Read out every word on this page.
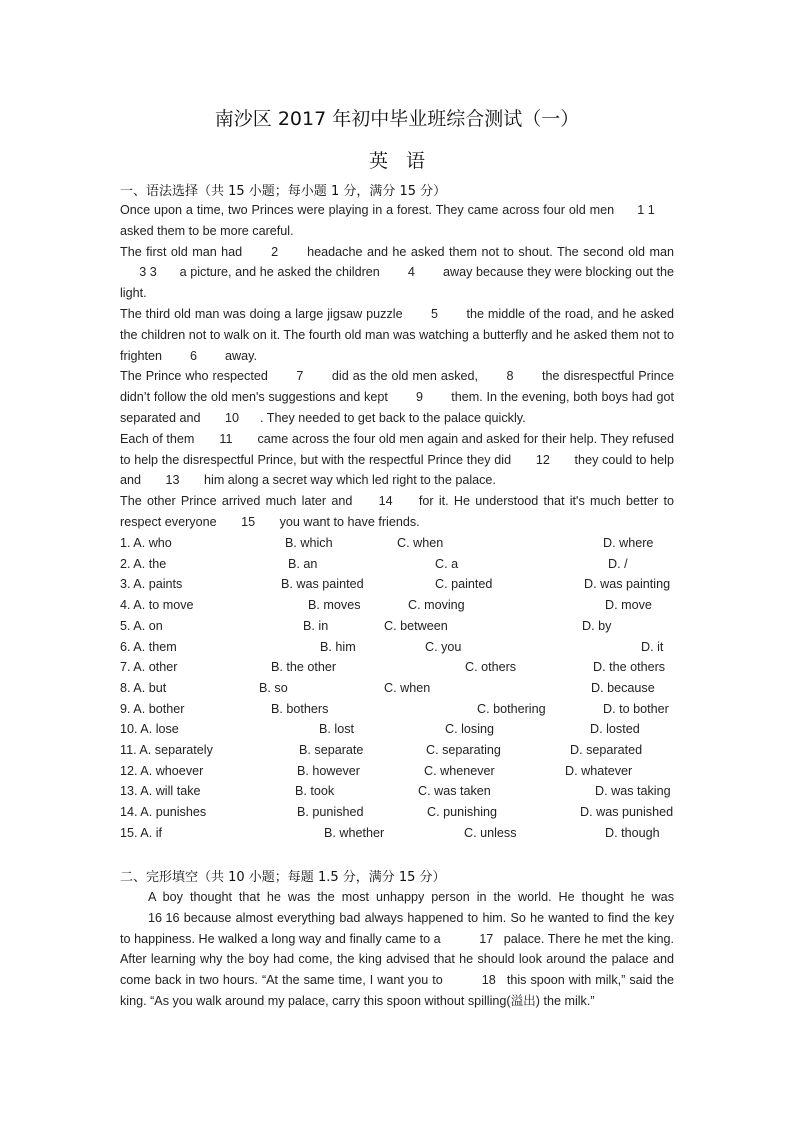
南沙区 2017 年初中毕业班综合测试（一）
英语
一、语法选择（共 15 小题；每小题 1 分，满分 15 分）

Once upon a time, two Princes were playing in a forest. They came across four old men 1 1 asked them to be more careful.

The first old man had 2 headache and he asked them not to shout. The second old man 3 3 a picture, and he asked the children 4 away because they were blocking out the light.

The third old man was doing a large jigsaw puzzle 5 the middle of the road, and he asked the children not to walk on it. The fourth old man was watching a butterfly and he asked them not to frighten 6 away.

The Prince who respected 7 did as the old men asked, 8 the disrespectful Prince didn’t follow the old men's suggestions and kept 9 them. In the evening, both boys had got separated and 10 . They needed to get back to the palace quickly.

Each of them 11 came across the four old men again and asked for their help. They refused to help the disrespectful Prince, but with the respectful Prince they did 12 they could to help and 13 him along a secret way which led right to the palace.

The other Prince arrived much later and 14 for it. He understood that it's much better to respect everyone 15 you want to have friends.

1. A. who	B. which	C. when	D. where
2. A. the	B. an	C. a	D. /
3. A. paints	B. was painted	C. painted	D. was painting
4. A. to move	B. moves	C. moving	D. move
5. A. on	B. in	C. between	D. by
6. A. them	B. him	C. you	D. it
7. A. other	B. the other	C. others	D. the others
8. A. but	B. so	C. when	D. because
9. A. bother	B. bothers	C. bothering	D. to bother
10. A. lose	B. lost	C. losing	D. losted
11. A. separately	B. separate	C. separating	D. separated
12. A. whoever	B. however	C. whenever	D. whatever
13. A. will take	B. took	C. was taken	D. was taking
14. A. punishes	B. punished	C. punishing	D. was punished
15. A. if	B. whether	C. unless	D. though
二、完形填空（共 10 小题；每题 1.5 分，满分 15 分）

A boy thought that he was the most unhappy person in the world. He thought he was 16 16 because almost everything bad always happened to him. So he wanted to find the key to happiness. He walked a long way and finally came to a	17 palace. There he met the king. After learning why the boy had come, the king advised that he should look around the palace and come back in two hours. “At the same time, I want you to	18 this spoon with milk,” said the king. “As you walk around my palace, carry this spoon without spilling(溢出) the milk.”
